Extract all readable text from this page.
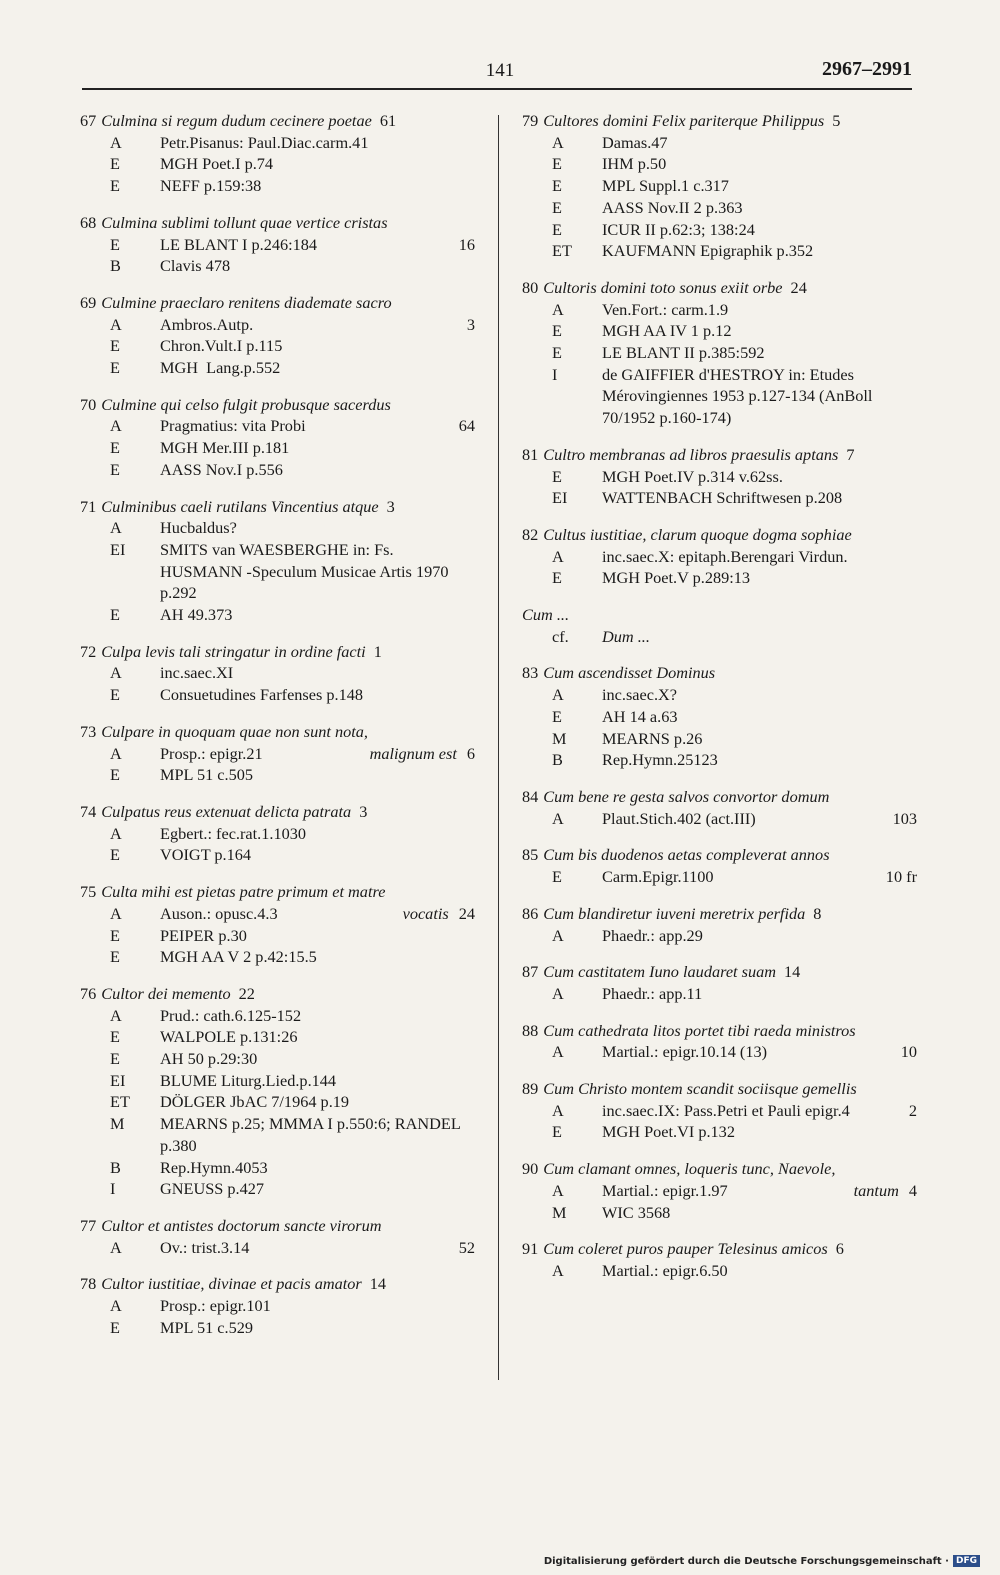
141	2967–2991
67 Culmina si regum dudum cecinere poetae 61
A	Petr.Pisanus: Paul.Diac.carm.41
E	MGH Poet.I p.74
E	NEFF p.159:38
68 Culmina sublimi tollunt quae vertice cristas
E	LE BLANT I p.246:184	16
B	Clavis 478
69 Culmine praeclaro renitens diademate sacro
A	Ambros.Autp.	3
E	Chron.Vult.I p.115
E	MGH  Lang.p.552
70 Culmine qui celso fulgit probusque sacerdus
A	Pragmatius: vita Probi	64
E	MGH Mer.III p.181
E	AASS Nov.I p.556
71 Culminibus caeli rutilans Vincentius atque 3
A	Hucbaldus?
EI	SMITS van WAESBERGHE in: Fs. HUSMANN -Speculum Musicae Artis 1970 p.292
E	AH 49.373
72 Culpa levis tali stringatur in ordine facti 1
A	inc.saec.XI
E	Consuetudines Farfenses p.148
73 Culpare in quoquam quae non sunt nota,
A	Prosp.: epigr.21	malignum est 6
E	MPL 51 c.505
74 Culpatus reus extenuat delicta patrata 3
A	Egbert.: fec.rat.1.1030
E	VOIGT p.164
75 Culta mihi est pietas patre primum et matre
A	Auson.: opusc.4.3	vocatis 24
E	PEIPER p.30
E	MGH AA V 2 p.42:15.5
76 Cultor dei memento 22
A	Prud.: cath.6.125-152
E	WALPOLE p.131:26
E	AH 50 p.29:30
EI	BLUME Liturg.Lied.p.144
ET	DÖLGER JbAC 7/1964 p.19
M	MEARNS p.25; MMMA I p.550:6; RANDEL p.380
B	Rep.Hymn.4053
I	GNEUSS p.427
77 Cultor et antistes doctorum sancte virorum
A	Ov.: trist.3.14	52
78 Cultor iustitiae, divinae et pacis amator 14
A	Prosp.: epigr.101
E	MPL 51 c.529
79 Cultores domini Felix pariterque Philippus 5
A	Damas.47
E	IHM p.50
E	MPL Suppl.1 c.317
E	AASS Nov.II 2 p.363
E	ICUR II p.62:3; 138:24
ET	KAUFMANN Epigraphik p.352
80 Cultoris domini toto sonus exiit orbe 24
A	Ven.Fort.: carm.1.9
E	MGH AA IV 1 p.12
E	LE BLANT II p.385:592
I	de GAIFFIER d'HESTROY in: Etudes Mérovingiennes 1953 p.127-134 (AnBoll 70/1952 p.160-174)
81 Cultro membranas ad libros praesulis aptans 7
E	MGH Poet.IV p.314 v.62ss.
EI	WATTENBACH Schriftwesen p.208
82 Cultus iustitiae, clarum quoque dogma sophiae
A	inc.saec.X: epitaph.Berengari Virdun.
E	MGH Poet.V p.289:13
Cum ...
cf.	Dum ...
83 Cum ascendisset Dominus
A	inc.saec.X?
E	AH 14 a.63
M	MEARNS p.26
B	Rep.Hymn.25123
84 Cum bene re gesta salvos convortor domum
A	Plaut.Stich.402 (act.III)	103
85 Cum bis duodenos aetas compleverat annos
E	Carm.Epigr.1100	10 fr
86 Cum blandiretur iuveni meretrix perfida 8
A	Phaedr.: app.29
87 Cum castitatem Iuno laudaret suam 14
A	Phaedr.: app.11
88 Cum cathedrata litos portet tibi raeda ministros
A	Martial.: epigr.10.14 (13)	10
89 Cum Christo montem scandit sociisque gemellis
A	inc.saec.IX: Pass.Petri et Pauli epigr.4	2
E	MGH Poet.VI p.132
90 Cum clamant omnes, loqueris tunc, Naevole,
A	Martial.: epigr.1.97	tantum 4
M	WIC 3568
91 Cum coleret puros pauper Telesinus amicos 6
A	Martial.: epigr.6.50
Digitalisierung gefördert durch die Deutsche Forschungsgemeinschaft · DFG
